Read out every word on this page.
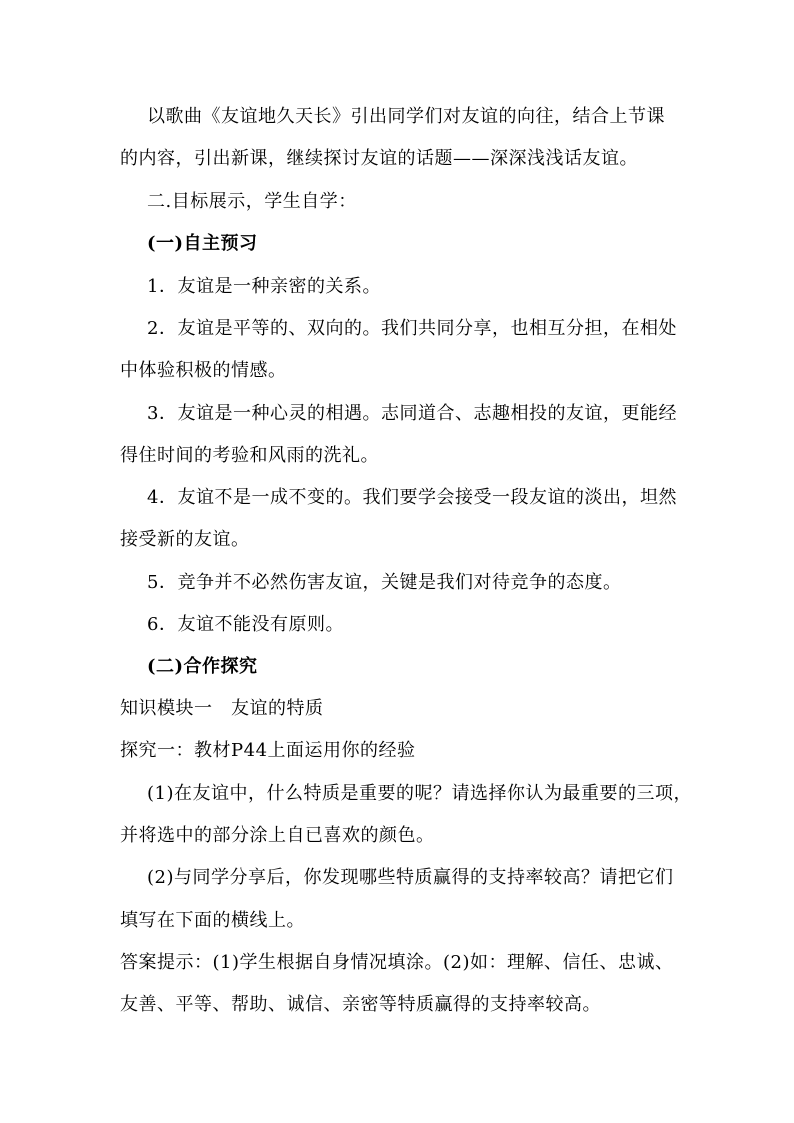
以歌曲《友谊地久天长》引出同学们对友谊的向往，结合上节课
的内容，引出新课，继续探讨友谊的话题——深深浅浅话友谊。
二.目标展示，学生自学：
(一)自主预习
1．友谊是一种亲密的关系。
2．友谊是平等的、双向的。我们共同分享，也相互分担，在相处
中体验积极的情感。
3．友谊是一种心灵的相遇。志同道合、志趣相投的友谊，更能经
得住时间的考验和风雨的洗礼。
4．友谊不是一成不变的。我们要学会接受一段友谊的淡出，坦然
接受新的友谊。
5．竞争并不必然伤害友谊，关键是我们对待竞争的态度。
6．友谊不能没有原则。
(二)合作探究
知识模块一　友谊的特质
探究一：教材P44上面运用你的经验
(1)在友谊中，什么特质是重要的呢？请选择你认为最重要的三项，
并将选中的部分涂上自已喜欢的颜色。
(2)与同学分享后，你发现哪些特质赢得的支持率较高？请把它们
填写在下面的横线上。
答案提示：(1)学生根据自身情况填涂。(2)如：理解、信任、忠诚、
友善、平等、帮助、诚信、亲密等特质赢得的支持率较高。
